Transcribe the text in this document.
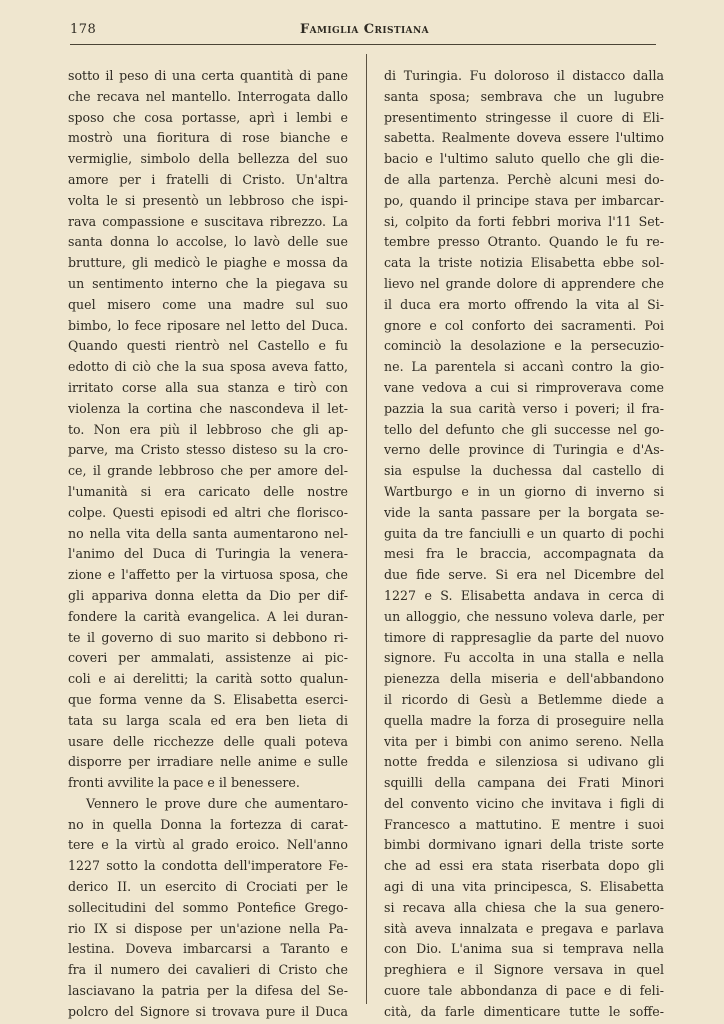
178	Famiglia Cristiana
sotto il peso di una certa quantità di pane
che recava nel mantello. Interrogata dallo
sposo che cosa portasse, aprì i lembi e
mostrò una fioritura di rose bianche e
vermiglie, simbolo della bellezza del suo
amore per i fratelli di Cristo. Un'altra
volta le si presentò un lebbroso che ispi-
rava compassione e suscitava ribrezzo. La
santa donna lo accolse, lo lavò delle sue
brutture, gli medicò le piaghe e mossa da
un sentimento interno che la piegava su
quel misero come una madre sul suo
bimbo, lo fece riposare nel letto del Duca.
Quando questi rientrò nel Castello e fu
edotto di ciò che la sua sposa aveva fatto,
irritato corse alla sua stanza e tirò con
violenza la cortina che nascondeva il let-
to. Non era più il lebbroso che gli ap-
parve, ma Cristo stesso disteso su la cro-
ce, il grande lebbroso che per amore del-
l'umanità si era caricato delle nostre
colpe. Questi episodi ed altri che florisco-
no nella vita della santa aumentarono nel-
l'animo del Duca di Turingia la venera-
zione e l'affetto per la virtuosa sposa, che
gli appariva donna eletta da Dio per dif-
fondere la carità evangelica. A lei duran-
te il governo di suo marito si debbono ri-
coveri per ammalati, assistenze ai pic-
coli e ai derelitti; la carità sotto qualun-
que forma venne da S. Elisabetta eserci-
tata su larga scala ed era ben lieta di
usare delle ricchezze delle quali poteva
disporre per irradiare nelle anime e sulle
fronti avvilite la pace e il benessere.
Vennero le prove dure che aumentaro-
no in quella Donna la fortezza di carat-
tere e la virtù al grado eroico. Nell'anno
1227 sotto la condotta dell'imperatore Fe-
derico II. un esercito di Crociati per le
sollecitudini del sommo Pontefice Grego-
rio IX si dispose per un'azione nella Pa-
lestina. Doveva imbarcarsi a Taranto e
fra il numero dei cavalieri di Cristo che
lasciavano la patria per la difesa del Se-
polcro del Signore si trovava pure il Duca
di Turingia. Fu doloroso il distacco dalla
santa sposa; sembrava che un lugubre
presentimento stringesse il cuore di Eli-
sabetta. Realmente doveva essere l'ultimo
bacio e l'ultimo saluto quello che gli die-
de alla partenza. Perchè alcuni mesi do-
po, quando il principe stava per imbarcar-
si, colpito da forti febbri moriva l'11 Set-
tembre presso Otranto. Quando le fu re-
cata la triste notizia Elisabetta ebbe sol-
lievo nel grande dolore di apprendere che
il duca era morto offrendo la vita al Si-
gnore e col conforto dei sacramenti. Poi
cominciò la desolazione e la persecuzio-
ne. La parentela si accanì contro la gio-
vane vedova a cui si rimproverava come
pazzia la sua carità verso i poveri; il fra-
tello del defunto che gli successe nel go-
verno delle province di Turingia e d'As-
sia espulse la duchessa dal castello di
Wartburgo e in un giorno di inverno si
vide la santa passare per la borgata se-
guita da tre fanciulli e un quarto di pochi
mesi fra le braccia, accompagnata da
due fide serve. Si era nel Dicembre del
1227 e S. Elisabetta andava in cerca di
un alloggio, che nessuno voleva darle, per
timore di rappresaglie da parte del nuovo
signore. Fu accolta in una stalla e nella
pienezza della miseria e dell'abbandono
il ricordo di Gesù a Betlemme diede a
quella madre la forza di proseguire nella
vita per i bimbi con animo sereno. Nella
notte fredda e silenziosa si udivano gli
squilli della campana dei Frati Minori
del convento vicino che invitava i figli di
Francesco a mattutino. E mentre i suoi
bimbi dormivano ignari della triste sorte
che ad essi era stata riserbata dopo gli
agi di una vita principesca, S. Elisabetta
si recava alla chiesa che la sua genero-
sità aveva innalzata e pregava e parlava
con Dio. L'anima sua si temprava nella
preghiera e il Signore versava in quel
cuore tale abbondanza di pace e di feli-
cità, da farle dimenticare tutte le soffe-
